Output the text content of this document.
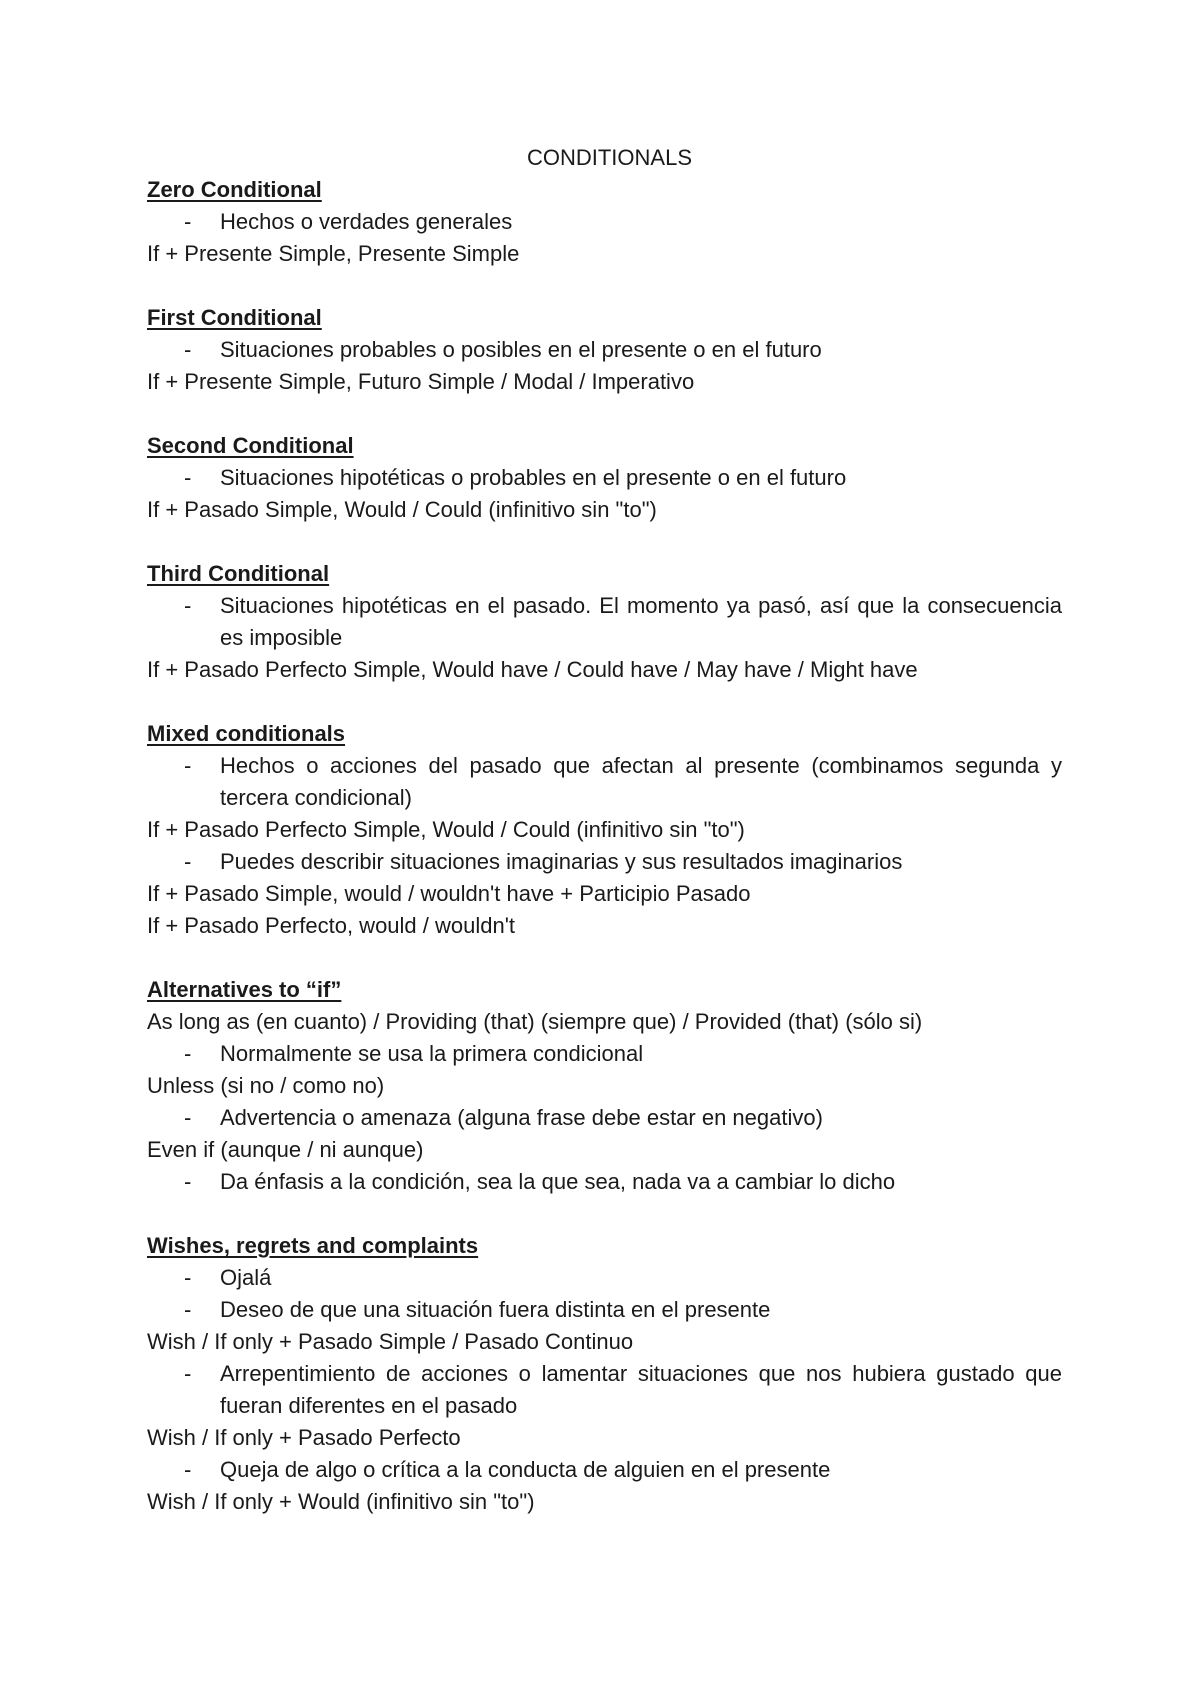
CONDITIONALS

Zero Conditional

-	Hechos o verdades generales

If + Presente Simple, Presente Simple

First Conditional

-	Situaciones probables o posibles en el presente o en el futuro

If + Presente Simple, Futuro Simple / Modal / Imperativo

Second Conditional

-	Situaciones hipotéticas o probables en el presente o en el futuro

If + Pasado Simple, Would / Could (infinitivo sin "to")

Third Conditional

-	Situaciones hipotéticas en el pasado. El momento ya pasó, así que la consecuencia es imposible

If + Pasado Perfecto Simple, Would have / Could have / May have / Might have

Mixed conditionals

-	Hechos o acciones del pasado que afectan al presente (combinamos segunda y tercera condicional)

If + Pasado Perfecto Simple, Would / Could (infinitivo sin "to")

-	Puedes describir situaciones imaginarias y sus resultados imaginarios

If + Pasado Simple, would / wouldn't have + Participio Pasado

If + Pasado Perfecto, would / wouldn't

Alternatives to “if”

As long as (en cuanto) / Providing (that) (siempre que) / Provided (that) (sólo si)

-	Normalmente se usa la primera condicional

Unless (si no / como no)

-	Advertencia o amenaza (alguna frase debe estar en negativo)

Even if (aunque / ni aunque)

-	Da énfasis a la condición, sea la que sea, nada va a cambiar lo dicho

Wishes, regrets and complaints

-	Ojalá
-	Deseo de que una situación fuera distinta en el presente

Wish / If only + Pasado Simple / Pasado Continuo

-	Arrepentimiento de acciones o lamentar situaciones que nos hubiera gustado que fueran diferentes en el pasado

Wish / If only + Pasado Perfecto

-	Queja de algo o crítica a la conducta de alguien en el presente

Wish / If only + Would (infinitivo sin "to")
